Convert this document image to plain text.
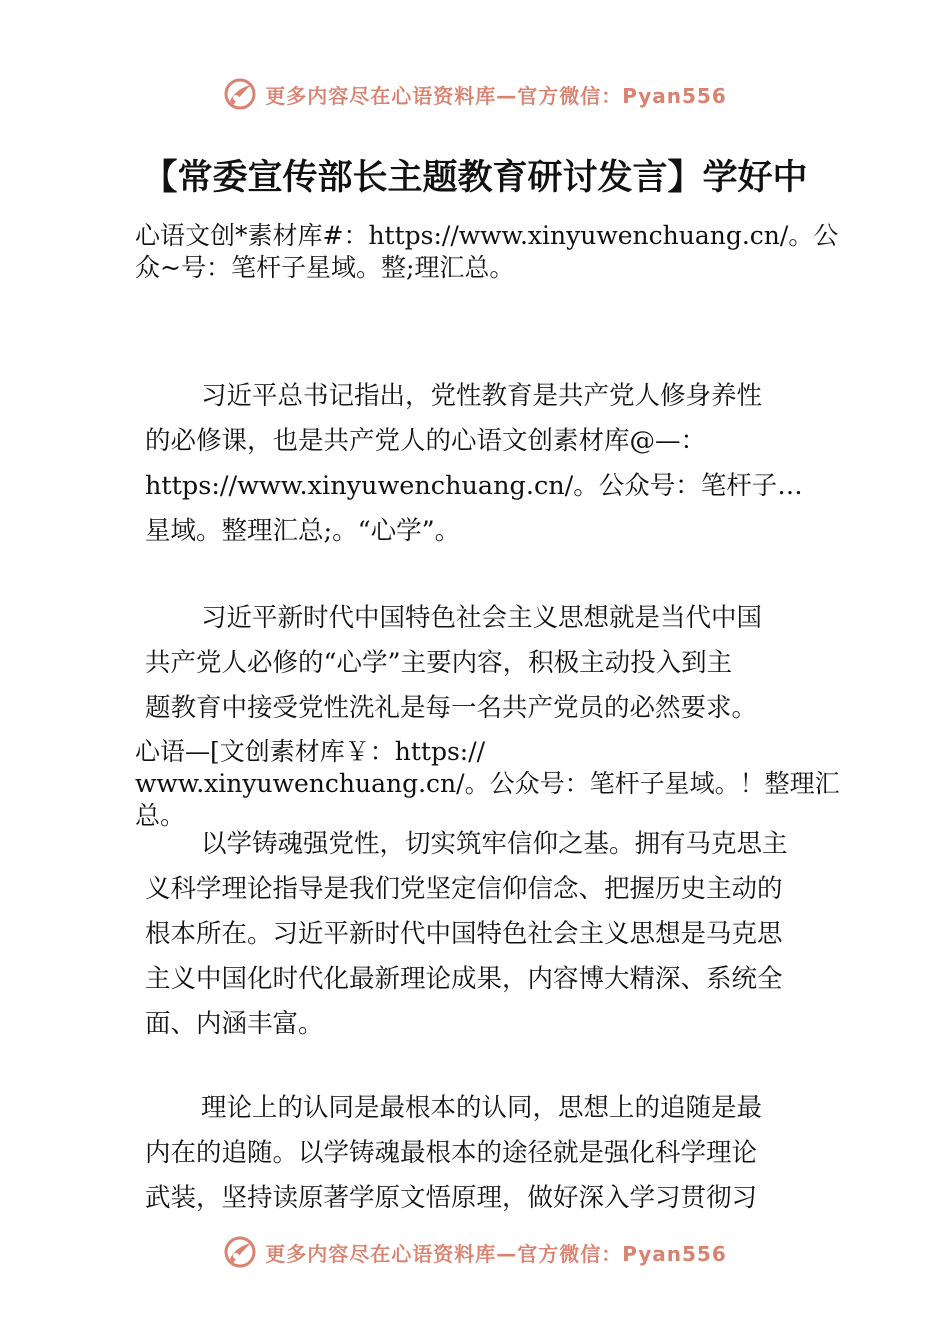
更多内容尽在心语资料库—官方微信：Pyan556
【常委宣传部长主题教育研讨发言】学好中
心语文创*素材库#：https://www.xinyuwenchuang.cn/。公
众~号：笔杆子星域。整;理汇总。
习近平总书记指出，党性教育是共产党人修身养性
的必修课，也是共产党人的心语文创素材库@—：
https://www.xinyuwenchuang.cn/。公众号：笔杆子…
星域。整理汇总;。“心学”。
习近平新时代中国特色社会主义思想就是当代中国
共产党人必修的“心学”主要内容，积极主动投入到主
题教育中接受党性洗礼是每一名共产党员的必然要求。
心语—[文创素材库￥：https://
www.xinyuwenchuang.cn/。公众号：笔杆子星域。！整理汇
总。
以学铸魂强党性，切实筑牢信仰之基。拥有马克思主
义科学理论指导是我们党坚定信仰信念、把握历史主动的
根本所在。习近平新时代中国特色社会主义思想是马克思
主义中国化时代化最新理论成果，内容博大精深、系统全
面、内涵丰富。
理论上的认同是最根本的认同，思想上的追随是最
内在的追随。以学铸魂最根本的途径就是强化科学理论
武装，坚持读原著学原文悟原理，做好深入学习贯彻习
更多内容尽在心语资料库—官方微信：Pyan556
